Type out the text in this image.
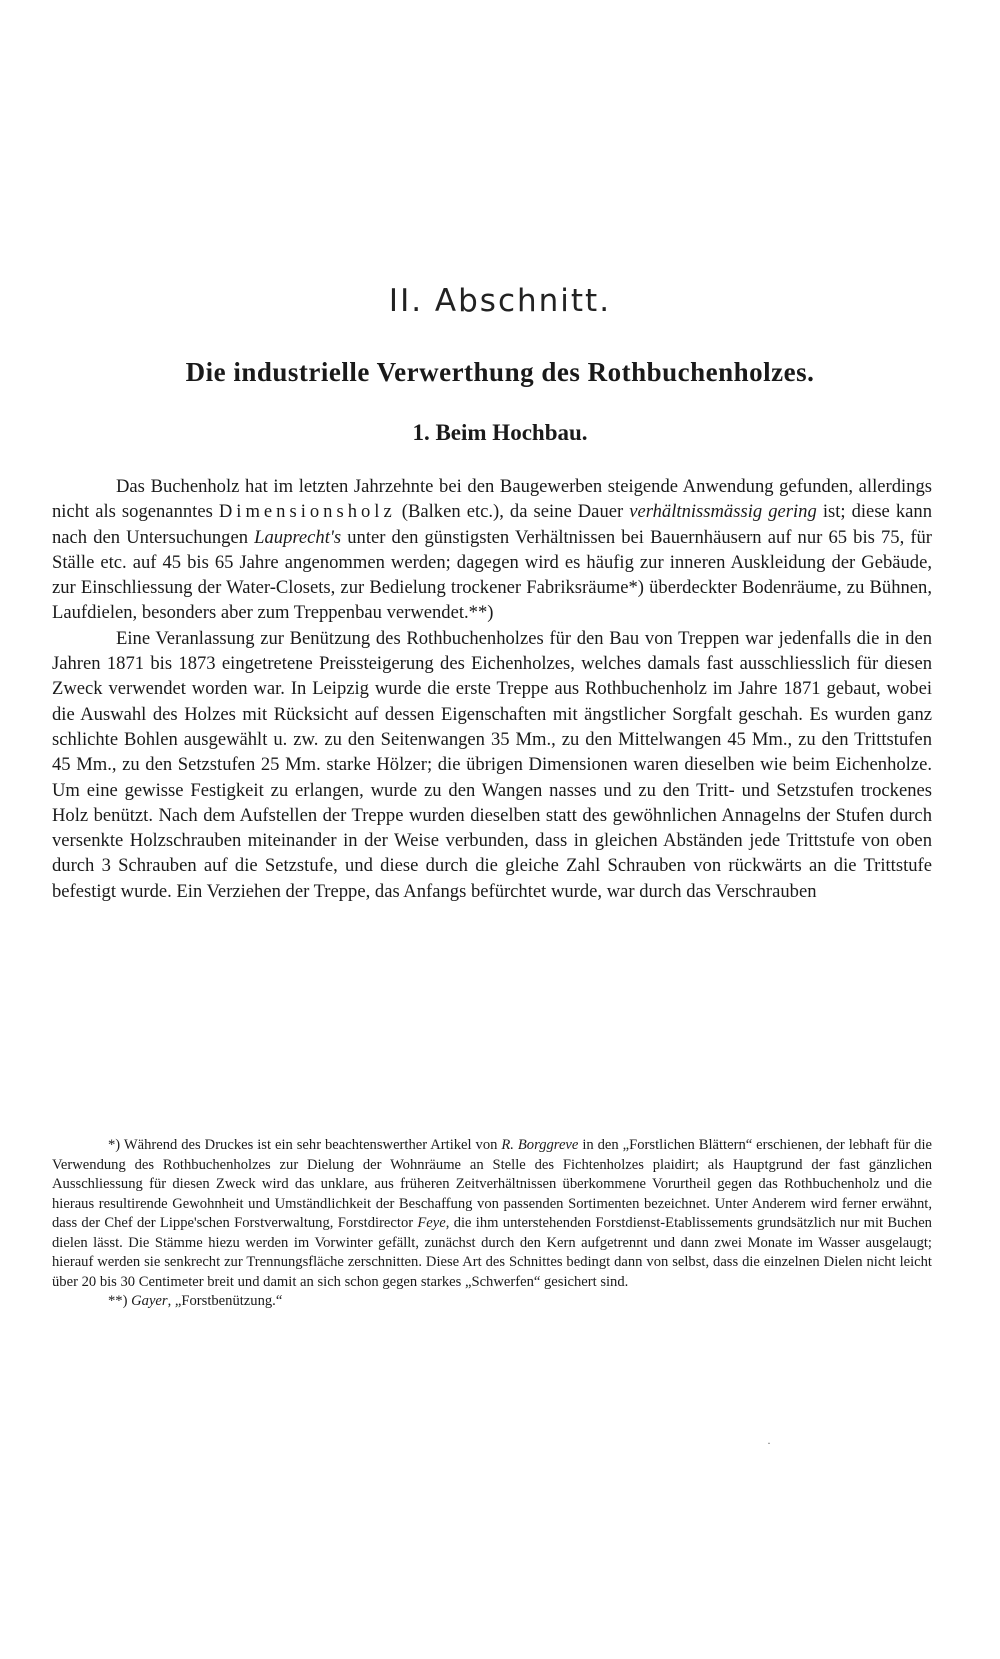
II. Abschnitt.
Die industrielle Verwerthung des Rothbuchenholzes.
1. Beim Hochbau.

Das Buchenholz hat im letzten Jahrzehnte bei den Baugewerben steigende Anwendung gefunden, allerdings nicht als sogenanntes Dimensionsholz (Balken etc.), da seine Dauer verhältnissmässig gering ist; diese kann nach den Untersuchungen Lauprecht's unter den günstigsten Verhältnissen bei Bauernhäusern auf nur 65 bis 75, für Ställe etc. auf 45 bis 65 Jahre angenommen werden; dagegen wird es häufig zur inneren Auskleidung der Gebäude, zur Einschliessung der Water-Closets, zur Bedielung trockener Fabriksräume*) überdeckter Bodenräume, zu Bühnen, Laufdielen, besonders aber zum Treppenbau verwendet.**)

Eine Veranlassung zur Benützung des Rothbuchenholzes für den Bau von Treppen war jedenfalls die in den Jahren 1871 bis 1873 eingetretene Preissteigerung des Eichenholzes, welches damals fast ausschliesslich für diesen Zweck verwendet worden war. In Leipzig wurde die erste Treppe aus Rothbuchenholz im Jahre 1871 gebaut, wobei die Auswahl des Holzes mit Rücksicht auf dessen Eigenschaften mit ängstlicher Sorgfalt geschah. Es wurden ganz schlichte Bohlen ausgewählt u. zw. zu den Seitenwangen 35 Mm., zu den Mittelwangen 45 Mm., zu den Trittstufen 45 Mm., zu den Setzstufen 25 Mm. starke Hölzer; die übrigen Dimensionen waren dieselben wie beim Eichenholze. Um eine gewisse Festigkeit zu erlangen, wurde zu den Wangen nasses und zu den Tritt- und Setzstufen trockenes Holz benützt. Nach dem Aufstellen der Treppe wurden dieselben statt des gewöhnlichen Annagelns der Stufen durch versenkte Holzschrauben miteinander in der Weise verbunden, dass in gleichen Abständen jede Trittstufe von oben durch 3 Schrauben auf die Setzstufe, und diese durch die gleiche Zahl Schrauben von rückwärts an die Trittstufe befestigt wurde. Ein Verziehen der Treppe, das Anfangs befürchtet wurde, war durch das Verschrauben

*) Während des Druckes ist ein sehr beachtenswerther Artikel von R. Borggreve in den „Forstlichen Blättern“ erschienen, der lebhaft für die Verwendung des Rothbuchenholzes zur Dielung der Wohnräume an Stelle des Fichtenholzes plaidirt; als Hauptgrund der fast gänzlichen Ausschliessung für diesen Zweck wird das unklare, aus früheren Zeitverhältnissen überkommene Vorurtheil gegen das Rothbuchenholz und die hieraus resultirende Gewohnheit und Umständlichkeit der Beschaffung von passenden Sortimenten bezeichnet. Unter Anderem wird ferner erwähnt, dass der Chef der Lippe'schen Forstverwaltung, Forstdirector Feye, die ihm unterstehenden Forstdienst-Etablissements grundsätzlich nur mit Buchen dielen lässt. Die Stämme hiezu werden im Vorwinter gefällt, zunächst durch den Kern aufgetrennt und dann zwei Monate im Wasser ausgelaugt; hierauf werden sie senkrecht zur Trennungsfläche zerschnitten. Diese Art des Schnittes bedingt dann von selbst, dass die einzelnen Dielen nicht leicht über 20 bis 30 Centimeter breit und damit an sich schon gegen starkes „Schwerfen“ gesichert sind.

**) Gayer, „Forstbenützung.“

·
